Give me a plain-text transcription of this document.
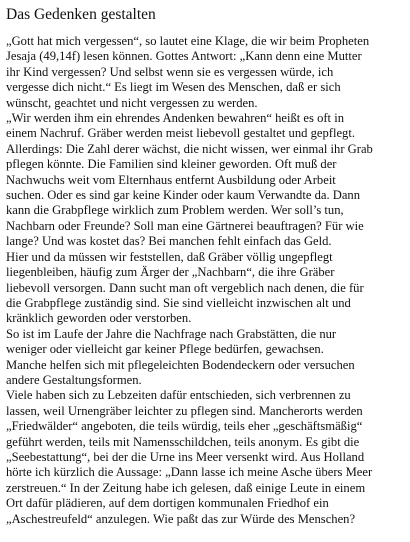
Das Gedenken gestalten
„Gott hat mich vergessen“, so lautet eine Klage, die wir beim Propheten
Jesaja (49,14f) lesen können. Gottes Antwort: „Kann denn eine Mutter
ihr Kind vergessen? Und selbst wenn sie es vergessen würde, ich
vergesse dich nicht.“ Es liegt im Wesen des Menschen, daß er sich
wünscht, geachtet und nicht vergessen zu werden.
„Wir werden ihm ein ehrendes Andenken bewahren“ heißt es oft in
einem Nachruf. Gräber werden meist liebevoll gestaltet und gepflegt.
Allerdings: Die Zahl derer wächst, die nicht wissen, wer einmal ihr Grab
pflegen könnte. Die Familien sind kleiner geworden. Oft muß der
Nachwuchs weit vom Elternhaus entfernt Ausbildung oder Arbeit
suchen. Oder es sind gar keine Kinder oder kaum Verwandte da. Dann
kann die Grabpflege wirklich zum Problem werden. Wer soll’s tun,
Nachbarn oder Freunde? Soll man eine Gärtnerei beauftragen? Für wie
lange? Und was kostet das? Bei manchen fehlt einfach das Geld.
Hier und da müssen wir feststellen, daß Gräber völlig ungepflegt
liegenbleiben, häufig zum Ärger der „Nachbarn“, die ihre Gräber
liebevoll versorgen. Dann sucht man oft vergeblich nach denen, die für
die Grabpflege zuständig sind. Sie sind vielleicht inzwischen alt und
kränklich geworden oder verstorben.
So ist im Laufe der Jahre die Nachfrage nach Grabstätten, die nur
weniger oder vielleicht gar keiner Pflege bedürfen, gewachsen.
Manche helfen sich mit pflegeleichten Bodendeckern oder versuchen
andere Gestaltungsformen.
Viele haben sich zu Lebzeiten dafür entschieden, sich verbrennen zu
lassen, weil Urnengräber leichter zu pflegen sind. Mancherorts werden
„Friedwälder“ angeboten, die teils würdig, teils eher „geschäftsmäßig“
geführt werden, teils mit Namensschildchen, teils anonym. Es gibt die
„Seebestattung“, bei der die Urne ins Meer versenkt wird. Aus Holland
hörte ich kürzlich die Aussage: „Dann lasse ich meine Asche übers Meer
zerstreuen.“ In der Zeitung habe ich gelesen, daß einige Leute in einem
Ort dafür plädieren, auf dem dortigen kommunalen Friedhof ein
„Aschestreufeld“ anzulegen. Wie paßt das zur Würde des Menschen?
